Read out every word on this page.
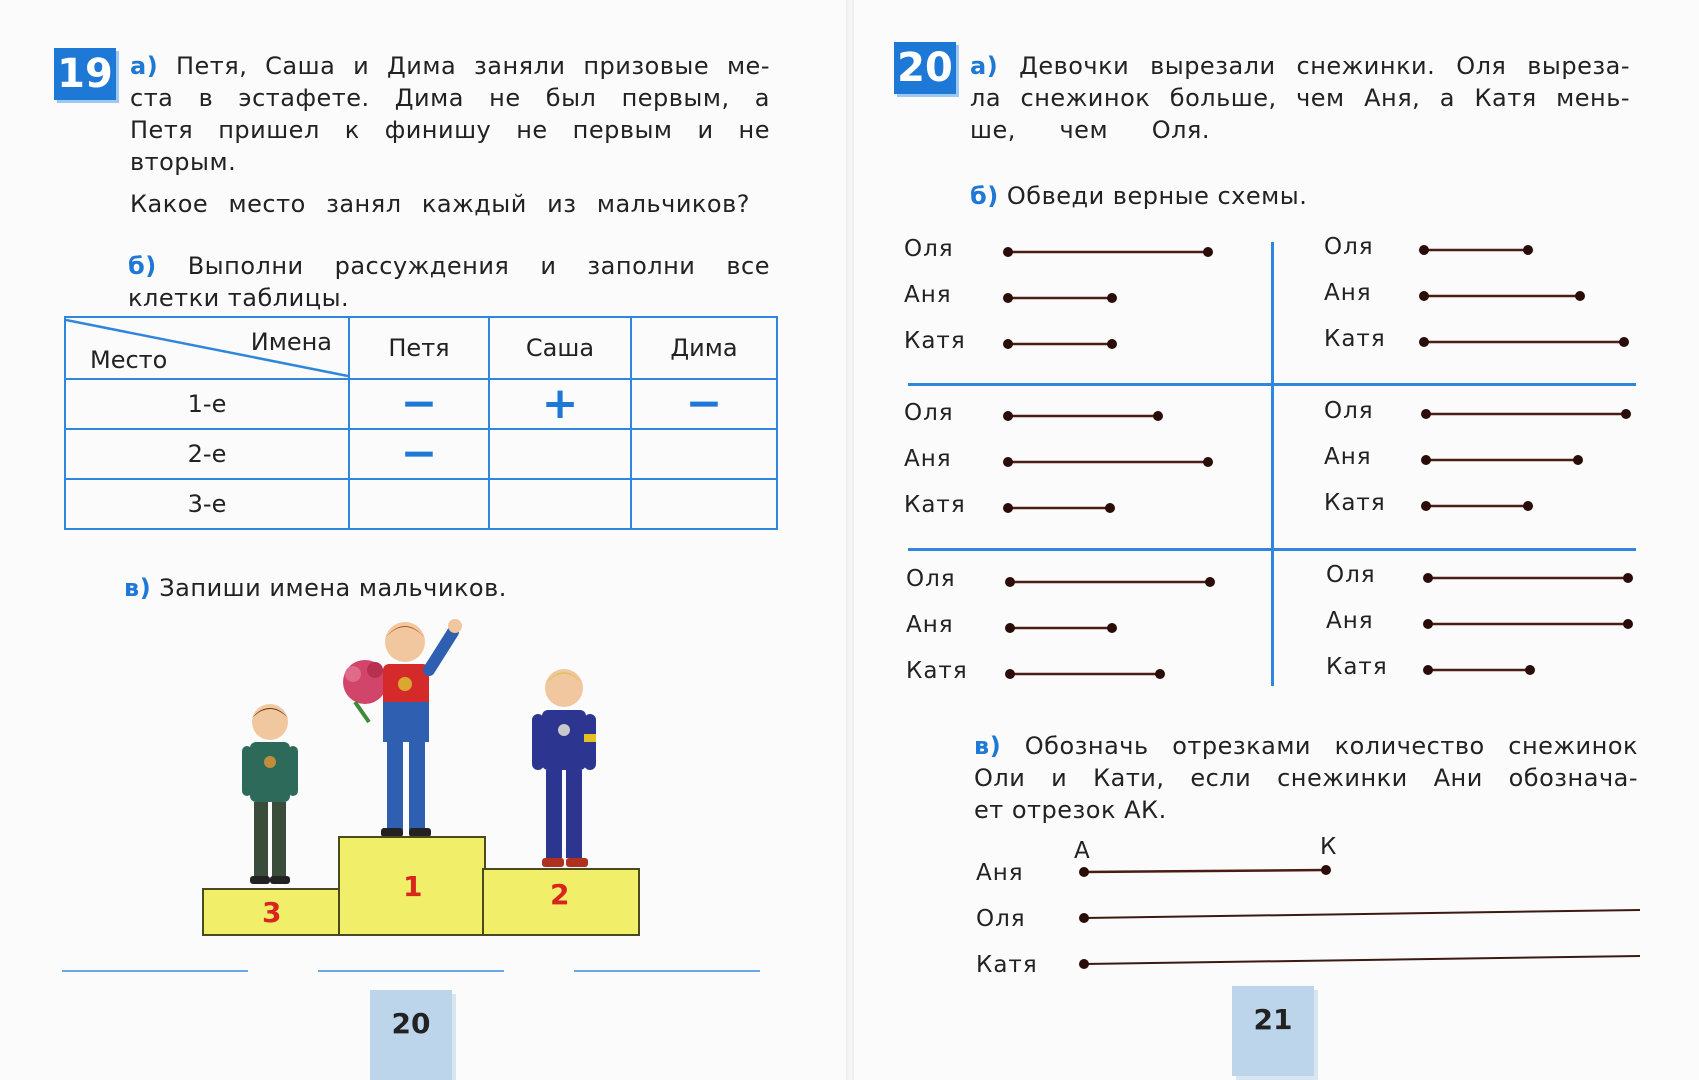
19 а) Петя, Саша и Дима заняли призовые ме-
ста в эстафете. Дима не был первым, а
Петя пришел к финишу не первым и не
вторым.
Какое место занял каждый из мальчиков?
б) Выполни рассуждения и заполни все
клетки таблицы.
Имена
Место	Петя	Саша	Дима
1-е	−	+	−
2-е	−		
3-е			
в) Запиши имена мальчиков.
3
1	2
20
20 а) Девочки вырезали снежинки. Оля выреза-
ла снежинок больше, чем Аня, а Катя мень-
ше, чем Оля.
б) Обведи верные схемы.
Оля
Аня
Катя
Оля
Аня
Катя
Оля
Аня
Катя
Оля
Аня
Катя
Оля
Аня
Катя
Оля
Аня
Катя
в) Обозначь отрезками количество снежинок
Оли и Кати, если снежинки Ани обознача-
ет отрезок АК.
Аня
Оля
Катя
А	К
21
